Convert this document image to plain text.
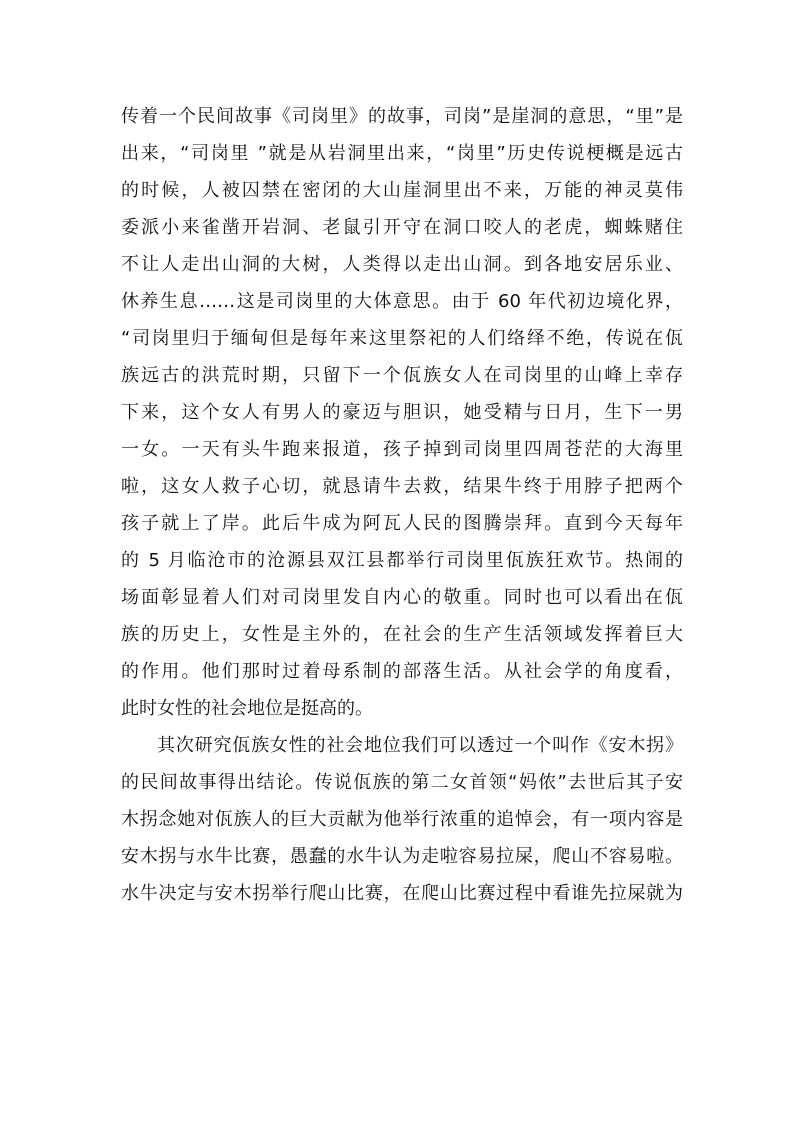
传着一个民间故事《司岗里》的故事，司岗”是崖洞的意思，“里”是
出来，“司岗里 ”就是从岩洞里出来，“岗里”历史传说梗概是远古
的时候，人被囚禁在密闭的大山崖洞里出不来，万能的神灵莫伟
委派小来雀凿开岩洞、老鼠引开守在洞口咬人的老虎，蜘蛛赌住
不让人走出山洞的大树，人类得以走出山洞。到各地安居乐业、
休养生息……这是司岗里的大体意思。由于 60 年代初边境化界，
“司岗里归于缅甸但是每年来这里祭祀的人们络绎不绝，传说在佤
族远古的洪荒时期，只留下一个佤族女人在司岗里的山峰上幸存
下来，这个女人有男人的豪迈与胆识，她受精与日月，生下一男
一女。一天有头牛跑来报道，孩子掉到司岗里四周苍茫的大海里
啦，这女人救子心切，就恳请牛去救，结果牛终于用脖子把两个
孩子就上了岸。此后牛成为阿瓦人民的图腾崇拜。直到今天每年
的 5 月临沧市的沧源县双江县都举行司岗里佤族狂欢节。热闹的
场面彰显着人们对司岗里发自内心的敬重。同时也可以看出在佤
族的历史上，女性是主外的，在社会的生产生活领域发挥着巨大
的作用。他们那时过着母系制的部落生活。从社会学的角度看，
此时女性的社会地位是挺高的。
其次研究佤族女性的社会地位我们可以透过一个叫作《安木拐》
的民间故事得出结论。传说佤族的第二女首领“妈侬”去世后其子安
木拐念她对佤族人的巨大贡献为他举行浓重的追悼会，有一项内容是
安木拐与水牛比赛，愚蠢的水牛认为走啦容易拉屎，爬山不容易啦。
水牛决定与安木拐举行爬山比赛，在爬山比赛过程中看谁先拉屎就为
